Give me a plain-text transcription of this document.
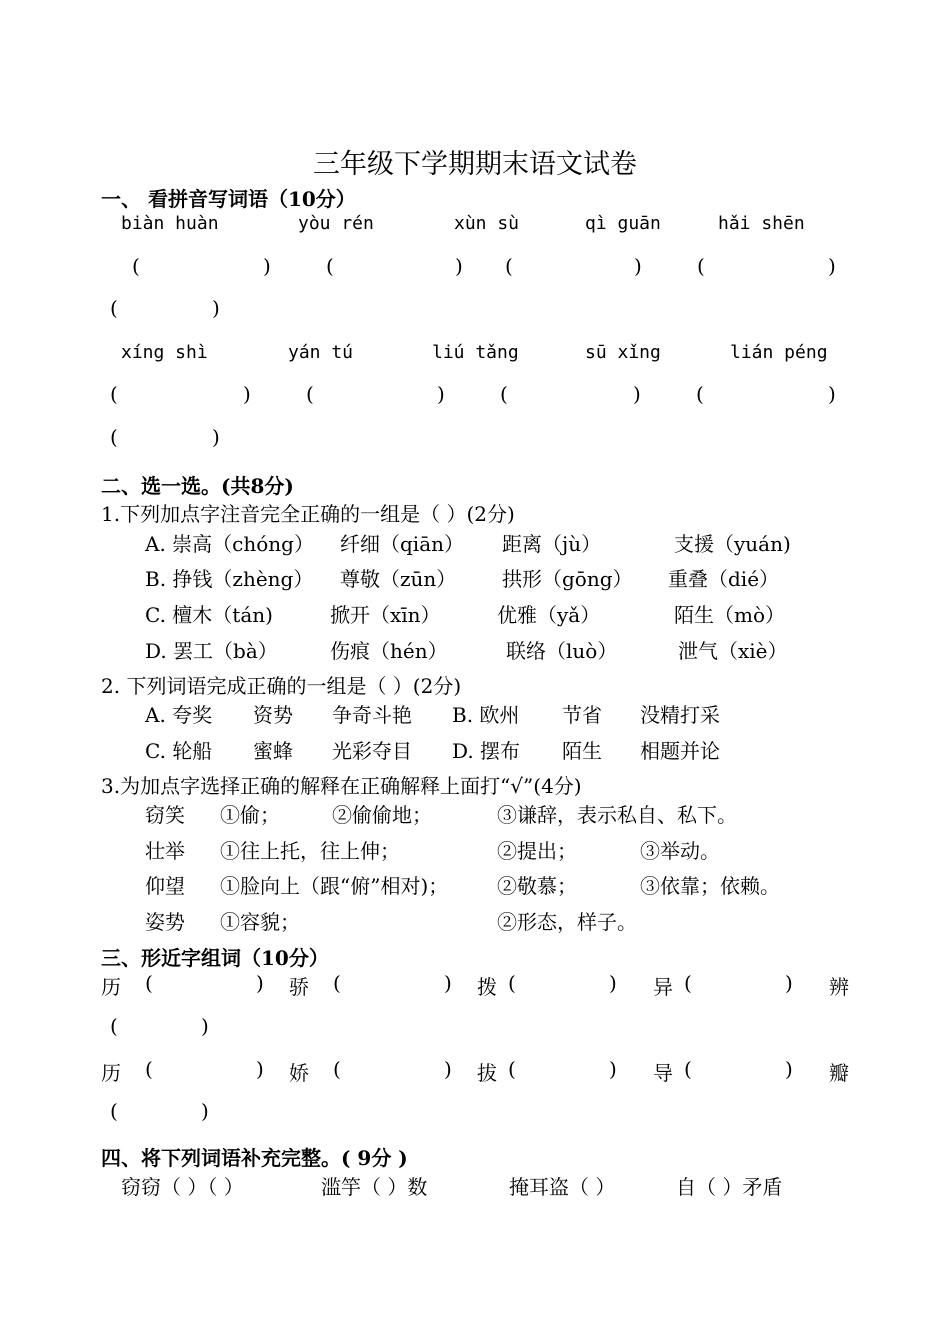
三年级下学期期末语文试卷
一、 看拼音写词语（10分）
biàn huàn	yòu rén	xùn sù	qì guān	hǎi shēn
(	)	(	) (	)	(	)
(	)
xíng shì	yán tú	liú tǎng	sū xǐng	lián péng
(	)	(	)	(	)	(	)
(	)
二、选一选。(共8分)
1.下列加点字注音完全正确的一组是（ ）(2分)
A. 崇高（chóng） 纤细（qiān） 距离（jù）	支援（yuán)
B. 挣钱（zhèng） 尊敬（zūn） 拱形（gōng） 重叠（dié）
C. 檀木（tán)	掀开（xīn）	优雅（yǎ）	陌生（mò）
D. 罢工（bà）	伤痕（hén）	联络（luò）	泄气（xiè）
2. 下列词语完成正确的一组是（ ）(2分)
A. 夸奖 资势 争奇斗艳 B. 欧州 节省 没精打采
C. 轮船 蜜蜂 光彩夺目 D. 摆布 陌生 相题并论
3.为加点字选择正确的解释在正确解释上面打“√”(4分)
窃笑 ①偷；	②偷偷地；	③谦辞，表示私自、私下。
壮举 ①往上托，往上伸；	②提出；	③举动。
仰望 ①脸向上（跟“俯”相对)； ②敬慕；	③依靠；依赖。
姿势 ①容貌；	②形态，样子。
三、形近字组词（10分）
历 (	) 骄 (	) 拨 (	) 异 (	) 辨
(	)
历 (	) 娇 (	) 拔 (	) 导 (	) 瓣
(	)
四、将下列词语补充完整。( 9分 )
窃窃（ ）（ ）	滥竽（ ）数	掩耳盗（ ）	自（ ）矛盾
